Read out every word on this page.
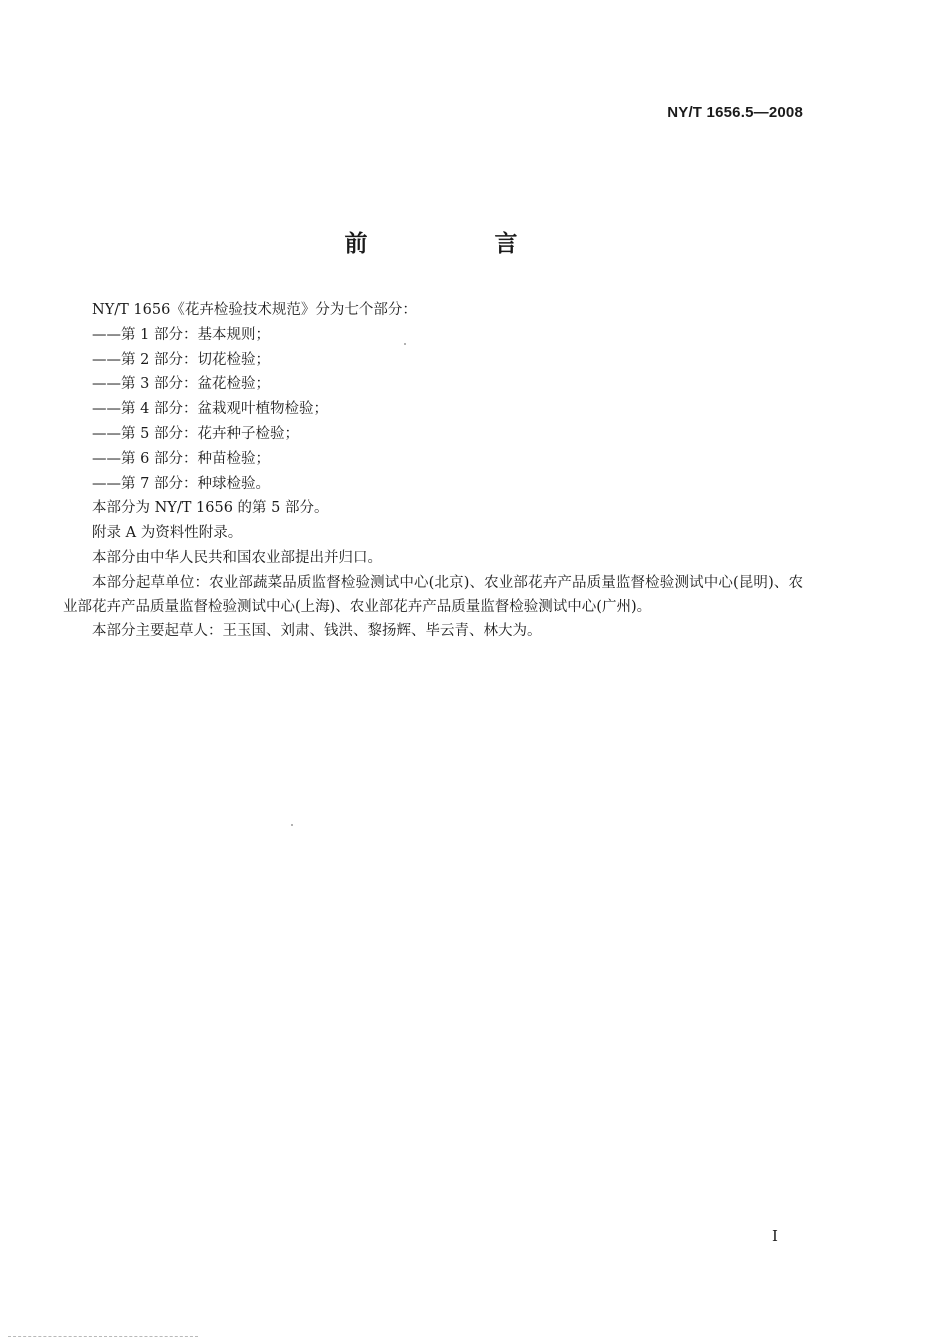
NY/T 1656.5—2008
前　言

NY/T 1656《花卉检验技术规范》分为七个部分：

——第 1 部分：基本规则；

——第 2 部分：切花检验；

——第 3 部分：盆花检验；

——第 4 部分：盆栽观叶植物检验；

——第 5 部分：花卉种子检验；

——第 6 部分：种苗检验；

——第 7 部分：种球检验。

本部分为 NY/T 1656 的第 5 部分。

附录 A 为资料性附录。

本部分由中华人民共和国农业部提出并归口。

本部分起草单位：农业部蔬菜品质监督检验测试中心(北京)、农业部花卉产品质量监督检验测试中心(昆明)、农业部花卉产品质量监督检验测试中心(上海)、农业部花卉产品质量监督检验测试中心(广州)。

本部分主要起草人：王玉国、刘肃、钱洪、黎扬辉、毕云青、林大为。

I
